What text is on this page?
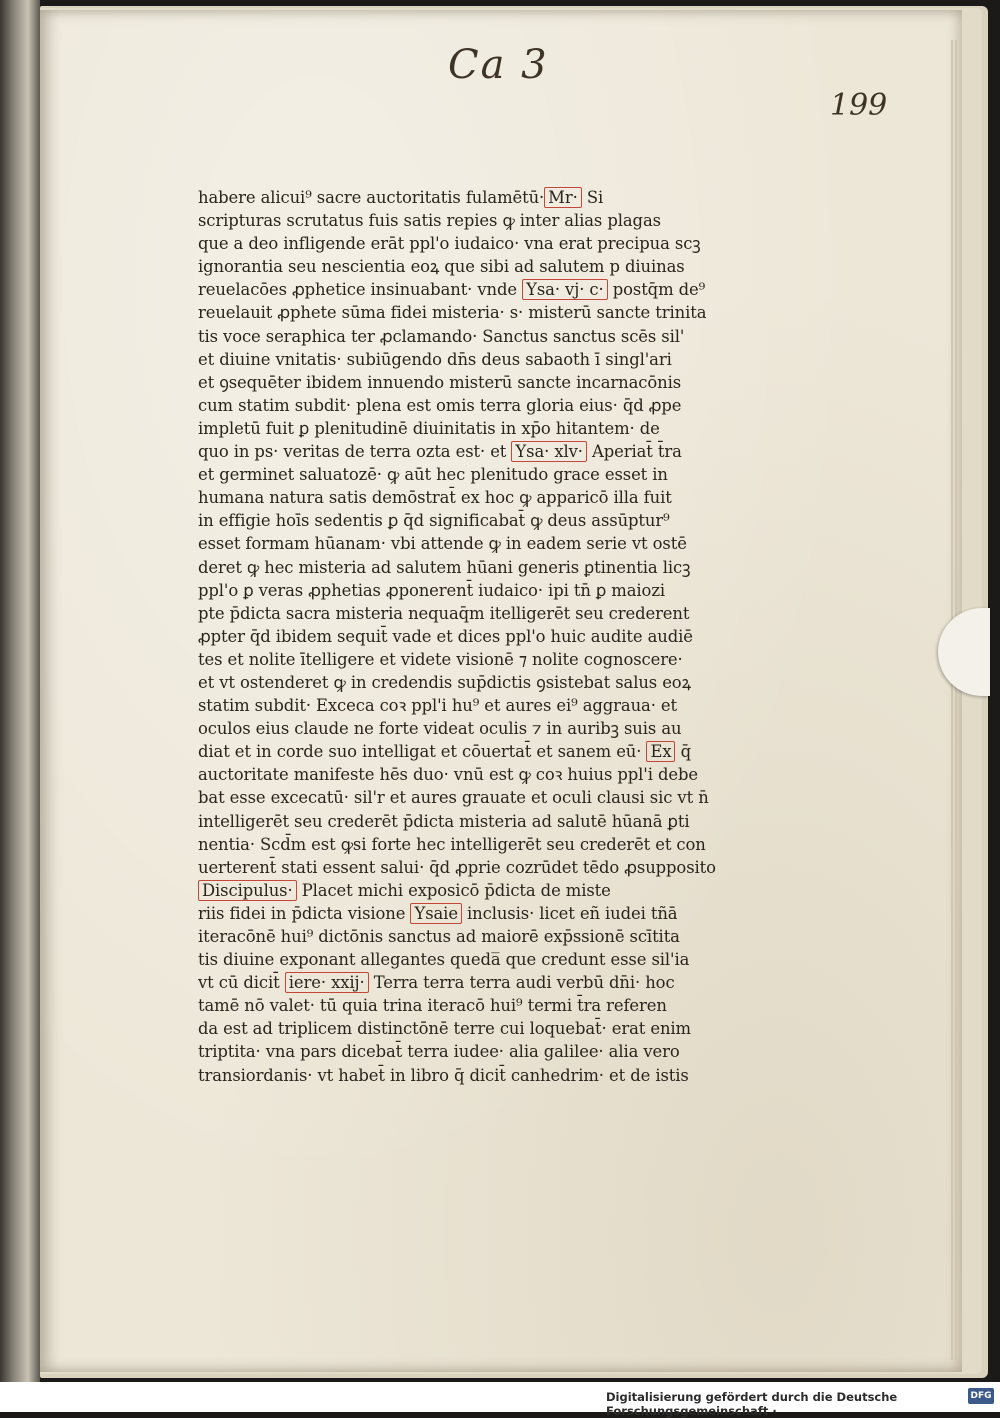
Ca 3
199
habere alicui⁹ sacre auctoritatis fulamētū· Mr· Si
scripturas scrutatus fuis satis repies ꝙ inter alias plagas
que a deo infligende erāt ppl'o iudaico· vna erat precipua scꝫ
ignorantia seu nescientia eoꝝ que sibi ad salutem p diuinas
reuelacōes ꝓphetice insinuabant· vnde Ysa· vj· c· postq̄m de⁹
reuelauit ꝓphete sūma fidei misteria· s· misterū sancte trinita
tis voce seraphica ter ꝓclamando· Sanctus sanctus scēs sil'
et diuine vnitatis· subiūgendo dn̄s deus sabaoth ī singl'ari
et ꝯsequēter ibidem innuendo misterū sancte incarnacōnis
cum statim subdit· plena est omis terra gloria eius· q̄d ꝓpe
impletū fuit ꝑ plenitudinē diuinitatis in xp̄o hitantem· de
quo in ps· veritas de terra ozta est· et Ysa· xlv· Aperiat̄ t̄ra
et germinet saluatozē· ꝙ aūt hec plenitudo grace esset in
humana natura satis demōstrat̄ ex hoc ꝙ apparicō illa fuit
in effigie hoīs sedentis ꝑ q̄d significabat̄ ꝙ deus assūptur⁹
esset formam hūanam· vbi attende ꝙ in eadem serie vt ostē
deret ꝙ hec misteria ad salutem hūani generis ꝑtinentia licꝫ
ppl'o ꝑ veras ꝓphetias ꝓponerent̄ iudaico· ipi tn̄ ꝑ maiozi
pte p̄dicta sacra misteria nequaq̄m itelligerēt seu crederent
ꝓpter q̄d ibidem sequit̄ vade et dices ppl'o huic audite audiē
tes et nolite ītelligere et videte visionē ⁊ nolite cognoscere·
et vt ostenderet ꝙ in credendis sup̄dictis ꝯsistebat salus eoꝝ
statim subdit· Exceca coꝛ ppl'i hu⁹ et aures ei⁹ aggraua· et
oculos eius claude ne forte videat oculis ⁊ in auribꝫ suis au
diat et in corde suo intelligat et cōuertat̄ et sanem eū· Ex q̄
auctoritate manifeste hēs duo· vnū est ꝙ coꝛ huius ppl'i debe
bat esse excecatū· sil'r et aures grauate et oculi clausi sic vt n̄
intelligerēt seu crederēt p̄dicta misteria ad salutē hūanā ꝑti
nentia· Scd̄m est ꝙsi forte hec intelligerēt seu crederēt et con
uerterent̄ stati essent salui· q̄d ꝓprie cozrūdet tēdo ꝓsupposito
Discipulus· Placet michi exposicō p̄dicta de miste
riis fidei in p̄dicta visione Ysaie inclusis· licet eñ iudei tñā
iteracōnē hui⁹ dictōnis sanctus ad maiorē exp̄ssionē scītita
tis diuine exponant allegantes queda̅ que credunt esse sil'ia
vt cū dicit̄ iere· xxij· Terra terra terra audi verbū dn̄i· hoc
tamē nō valet· tū quia trina iteracō hui⁹ termi t̄ra referen
da est ad triplicem distinctōnē terre cui loquebat̄· erat enim
triptita· vna pars dicebat̄ terra iudee· alia galilee· alia vero
transiordanis· vt habet̄ in libro q̄ dicit̄ canhedrim· et de istis
Digitalisierung gefördert durch die Deutsche Forschungsgemeinschaft ·
DFG
